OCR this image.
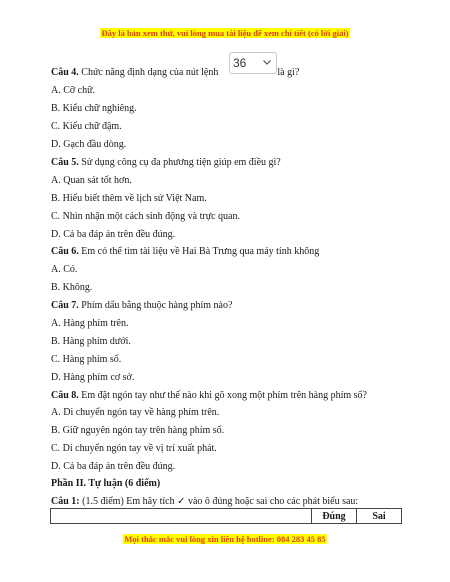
Đây là bản xem thử, vui lòng mua tài liệu để xem chi tiết (có lời giải)
36
Câu 4. Chức năng định dạng của nút lệnh	là gì?
A. Cỡ chữ.
B. Kiểu chữ nghiêng.
C. Kiểu chữ đậm.
D. Gạch đầu dòng.
Câu 5. Sử dụng công cụ đa phương tiện giúp em điều gì?
A. Quan sát tốt hơn.
B. Hiểu biết thêm về lịch sử Việt Nam.
C. Nhìn nhận một cách sinh động và trực quan.
D. Cả ba đáp án trên đều đúng.
Câu 6. Em có thể tìm tài liệu về Hai Bà Trưng qua máy tính không
A. Có.
B. Không.
Câu 7. Phím dấu bằng thuộc hàng phím nào?
A. Hàng phím trên.
B. Hàng phím dưới.
C. Hàng phím số.
D. Hàng phím cơ sở.
Câu 8. Em đặt ngón tay như thế nào khi gõ xong một phím trên hàng phím số?
A. Di chuyển ngón tay về hàng phím trên.
B. Giữ nguyên ngón tay trên hàng phím số.
C. Di chuyển ngón tay về vị trí xuất phát.
D. Cả ba đáp án trên đều đúng.
Phần II. Tự luận (6 điểm)
Câu 1: (1.5 điểm) Em hãy tích ✓ vào ô đúng hoặc sai cho các phát biểu sau:
	Đúng	Sai
Mọi thắc mắc vui lòng xin liên hệ hotline: 084 283 45 85
